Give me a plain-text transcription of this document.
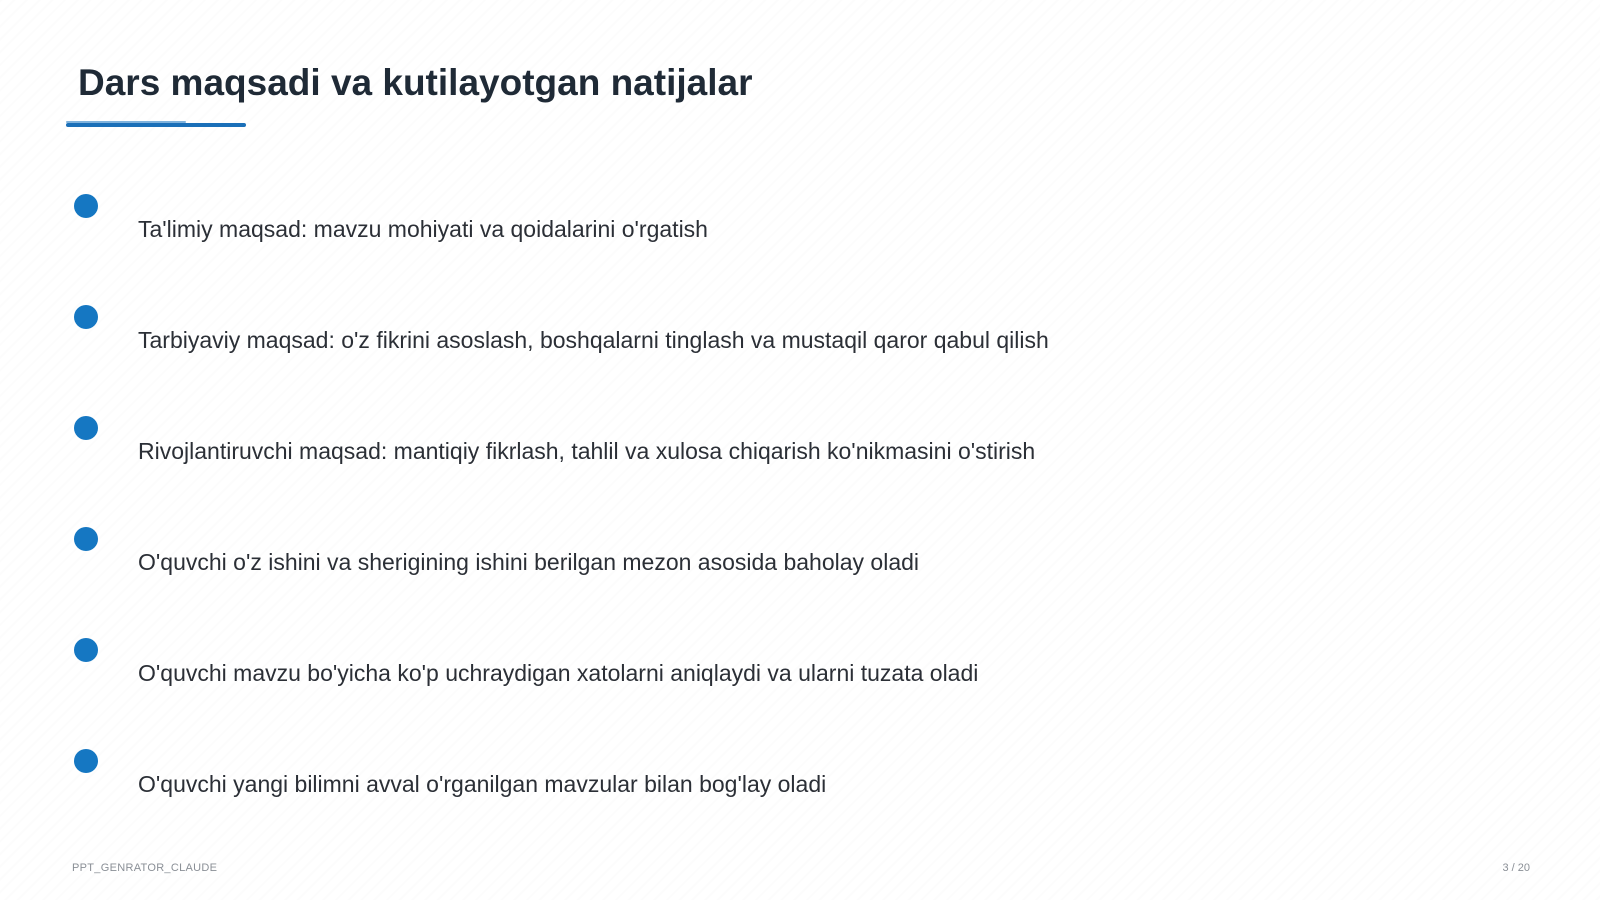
Dars maqsadi va kutilayotgan natijalar
Ta'limiy maqsad: mavzu mohiyati va qoidalarini o'rgatish
Tarbiyaviy maqsad: o'z fikrini asoslash, boshqalarni tinglash va mustaqil qaror qabul qilish
Rivojlantiruvchi maqsad: mantiqiy fikrlash, tahlil va xulosa chiqarish ko'nikmasini o'stirish
O'quvchi o'z ishini va sherigining ishini berilgan mezon asosida baholay oladi
O'quvchi mavzu bo'yicha ko'p uchraydigan xatolarni aniqlaydi va ularni tuzata oladi
O'quvchi yangi bilimni avval o'rganilgan mavzular bilan bog'lay oladi
PPT_GENRATOR_CLAUDE	3 / 20
